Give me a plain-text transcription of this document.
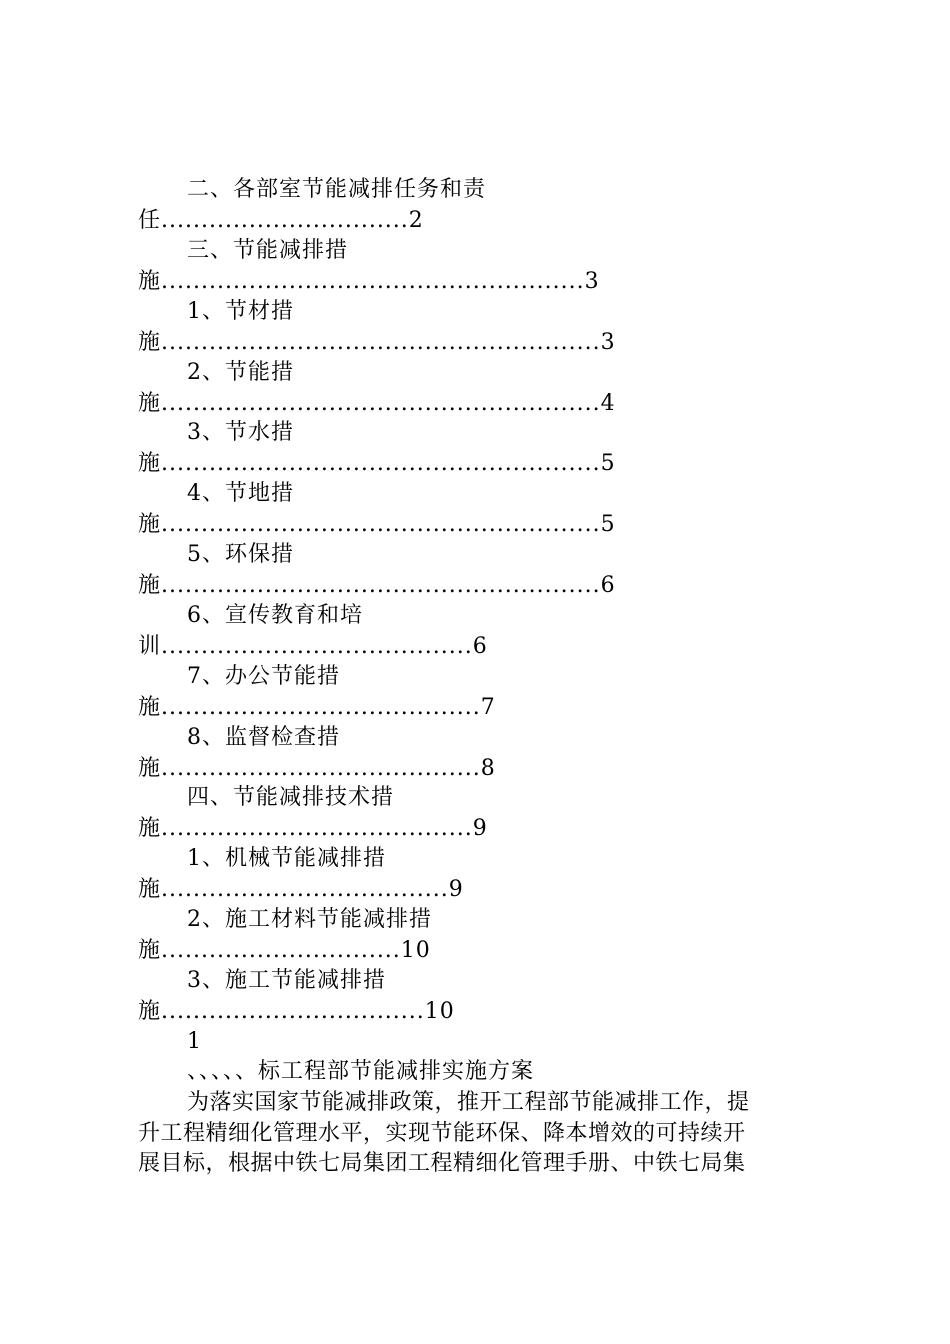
二、各部室节能减排任务和责
任...............................2
三、节能减排措
施.....................................................3
1、节材措
施.......................................................3
2、节能措
施.......................................................4
3、节水措
施.......................................................5
4、节地措
施.......................................................5
5、环保措
施.......................................................6
6、宣传教育和培
训.......................................6
7、办公节能措
施........................................7
8、监督检查措
施........................................8
四、节能减排技术措
施.......................................9
1、机械节能减排措
施....................................9
2、施工材料节能减排措
施..............................10
3、施工节能减排措
施.................................10
1
、、、、、标工程部节能减排实施方案
为落实国家节能减排政策，推开工程部节能减排工作，提
升工程精细化管理水平，实现节能环保、降本增效的可持续开
展目标，根据中铁七局集团工程精细化管理手册、中铁七局集
